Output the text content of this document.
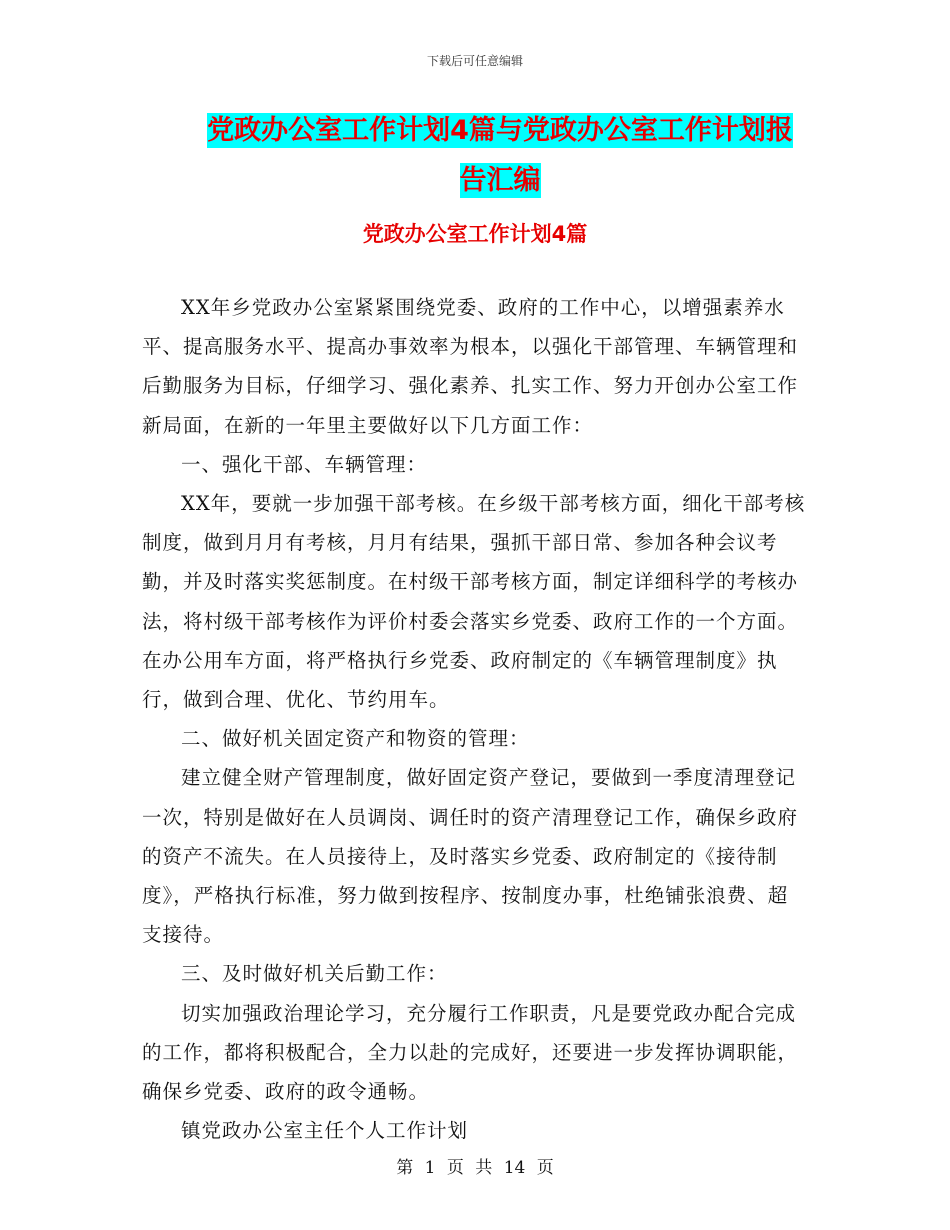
下载后可任意编辑
党政办公室工作计划4篇与党政办公室工作计划报告汇编
党政办公室工作计划4篇

XX年乡党政办公室紧紧围绕党委、政府的工作中心，以增强素养水平、提高服务水平、提高办事效率为根本，以强化干部管理、车辆管理和后勤服务为目标，仔细学习、强化素养、扎实工作、努力开创办公室工作新局面，在新的一年里主要做好以下几方面工作：

一、强化干部、车辆管理：

XX年，要就一步加强干部考核。在乡级干部考核方面，细化干部考核制度，做到月月有考核，月月有结果，强抓干部日常、参加各种会议考勤，并及时落实奖惩制度。在村级干部考核方面，制定详细科学的考核办法，将村级干部考核作为评价村委会落实乡党委、政府工作的一个方面。在办公用车方面，将严格执行乡党委、政府制定的《车辆管理制度》执行，做到合理、优化、节约用车。

二、做好机关固定资产和物资的管理：

建立健全财产管理制度，做好固定资产登记，要做到一季度清理登记一次，特别是做好在人员调岗、调任时的资产清理登记工作，确保乡政府的资产不流失。在人员接待上，及时落实乡党委、政府制定的《接待制度》，严格执行标准，努力做到按程序、按制度办事，杜绝铺张浪费、超支接待。

三、及时做好机关后勤工作：

切实加强政治理论学习，充分履行工作职责，凡是要党政办配合完成的工作，都将积极配合，全力以赴的完成好，还要进一步发挥协调职能，确保乡党委、政府的政令通畅。

镇党政办公室主任个人工作计划

第 1 页 共 14 页
